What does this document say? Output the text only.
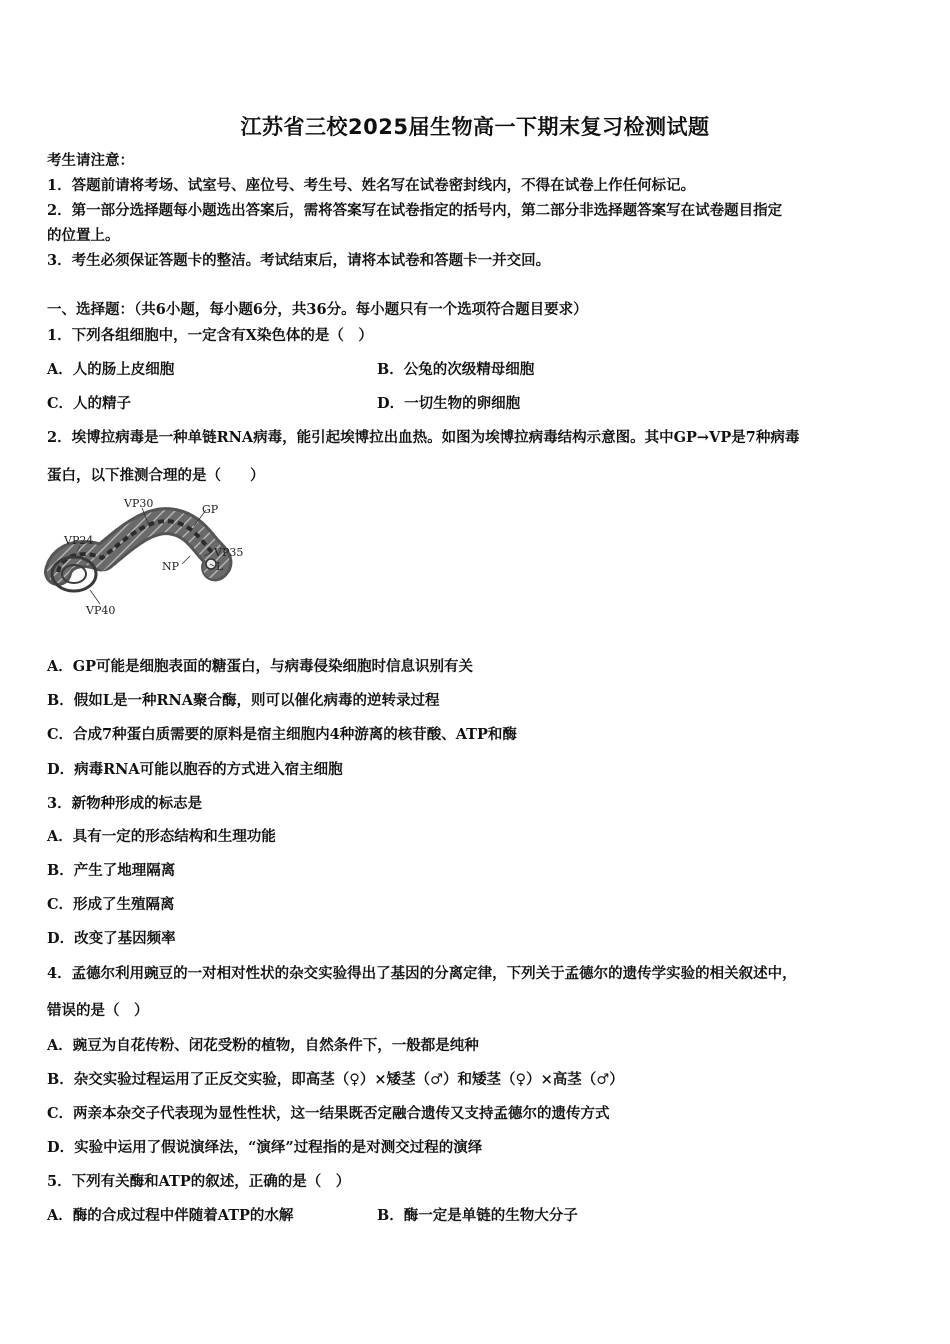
江苏省三校2025届生物高一下期末复习检测试题
考生请注意：
1．答题前请将考场、试室号、座位号、考生号、姓名写在试卷密封线内，不得在试卷上作任何标记。
2．第一部分选择题每小题选出答案后，需将答案写在试卷指定的括号内，第二部分非选择题答案写在试卷题目指定
的位置上。
3．考生必须保证答题卡的整洁。考试结束后，请将本试卷和答题卡一并交回。
一、选择题：（共6小题，每小题6分，共36分。每小题只有一个选项符合题目要求）
1．下列各组细胞中，一定含有X染色体的是（　）
A．人的肠上皮细胞	B．公兔的次级精母细胞
C．人的精子	D．一切生物的卵细胞
2．埃博拉病毒是一种单链RNA病毒，能引起埃博拉出血热。如图为埃博拉病毒结构示意图。其中GP→VP是7种病毒
蛋白，以下推测合理的是（　　）
VP30	GP
VP24
VP35
NP	L
VP40
A．GP可能是细胞表面的糖蛋白，与病毒侵染细胞时信息识别有关
B．假如L是一种RNA聚合酶，则可以催化病毒的逆转录过程
C．合成7种蛋白质需要的原料是宿主细胞内4种游离的核苷酸、ATP和酶
D．病毒RNA可能以胞吞的方式进入宿主细胞
3．新物种形成的标志是
A．具有一定的形态结构和生理功能
B．产生了地理隔离
C．形成了生殖隔离
D．改变了基因频率
4．孟德尔利用豌豆的一对相对性状的杂交实验得出了基因的分离定律，下列关于孟德尔的遗传学实验的相关叙述中，
错误的是（　）
A．豌豆为自花传粉、闭花受粉的植物，自然条件下，一般都是纯种
B．杂交实验过程运用了正反交实验，即高茎（♀）×矮茎（♂）和矮茎（♀）×高茎（♂）
C．两亲本杂交子代表现为显性性状，这一结果既否定融合遗传又支持孟德尔的遗传方式
D．实验中运用了假说演绎法，“演绎”过程指的是对测交过程的演绎
5．下列有关酶和ATP的叙述，正确的是（　）
A．酶的合成过程中伴随着ATP的水解	B．酶一定是单链的生物大分子
